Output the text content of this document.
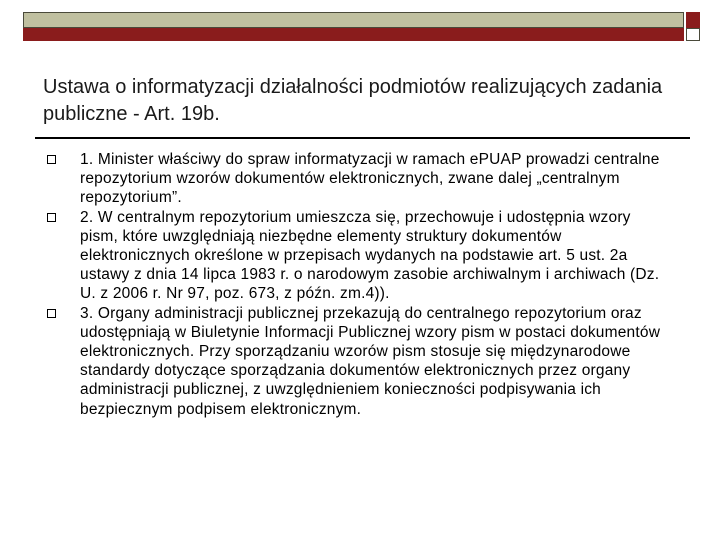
Ustawa o informatyzacji działalności podmiotów realizujących zadania publiczne - Art. 19b.
1. Minister właściwy do spraw informatyzacji w ramach ePUAP prowadzi centralne repozytorium wzorów dokumentów elektronicznych, zwane dalej „centralnym repozytorium”.
2. W centralnym repozytorium umieszcza się, przechowuje i udostępnia wzory pism, które uwzględniają niezbędne elementy struktury dokumentów elektronicznych określone w przepisach wydanych na podstawie art. 5 ust. 2a ustawy z dnia 14 lipca 1983 r. o narodowym zasobie archiwalnym i archiwach (Dz. U. z 2006 r. Nr 97, poz. 673, z późn. zm.4)).
3. Organy administracji publicznej przekazują do centralnego repozytorium oraz udostępniają w Biuletynie Informacji Publicznej wzory pism w postaci dokumentów elektronicznych. Przy sporządzaniu wzorów pism stosuje się międzynarodowe standardy dotyczące sporządzania dokumentów elektronicznych przez organy administracji publicznej, z uwzględnieniem konieczności podpisywania ich bezpiecznym podpisem elektronicznym.
